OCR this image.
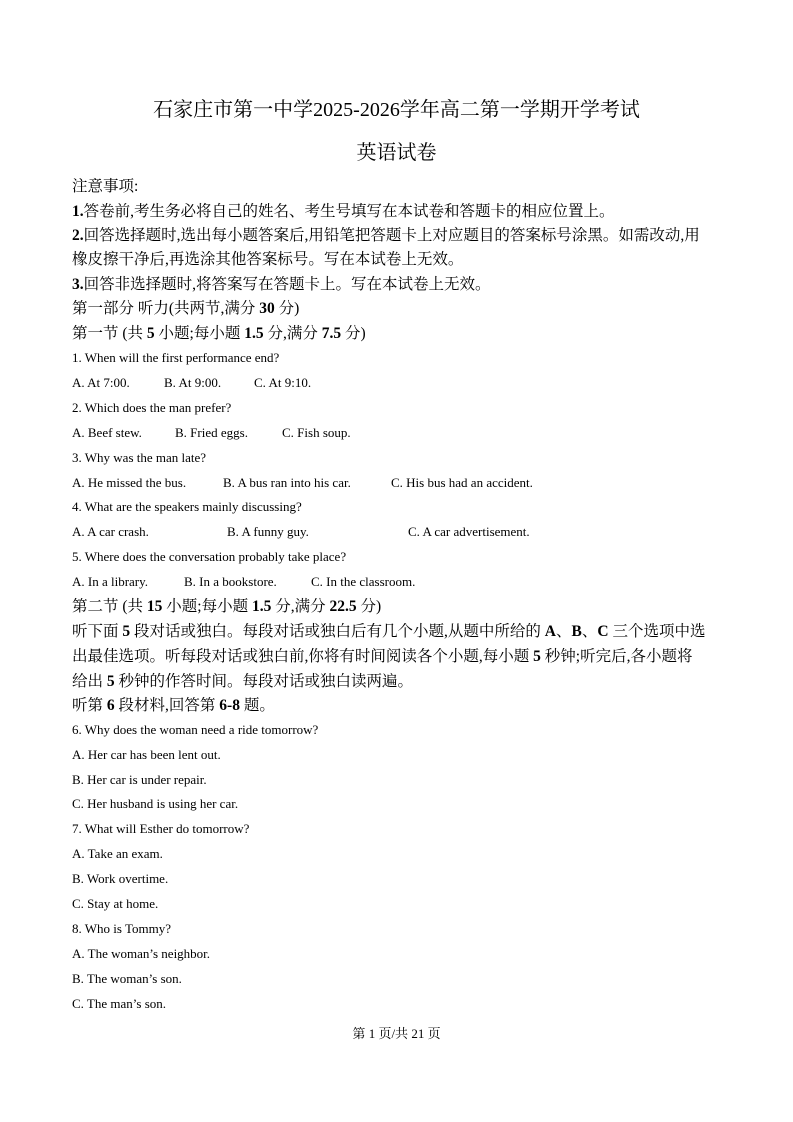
石家庄市第一中学2025-2026学年高二第一学期开学考试
英语试卷
注意事项:
1.答卷前,考生务必将自己的姓名、考生号填写在本试卷和答题卡的相应位置上。
2.回答选择题时,选出每小题答案后,用铅笔把答题卡上对应题目的答案标号涂黑。如需改动,用
橡皮擦干净后,再选涂其他答案标号。写在本试卷上无效。
3.回答非选择题时,将答案写在答题卡上。写在本试卷上无效。
第一部分 听力(共两节,满分 30 分)
第一节 (共 5 小题;每小题 1.5 分,满分 7.5 分)
1. When will the first performance end?
A. At 7:00.	B. At 9:00.	C. At 9:10.
2. Which does the man prefer?
A. Beef stew.	B. Fried eggs.	C. Fish soup.
3. Why was the man late?
A. He missed the bus.	B. A bus ran into his car.	C. His bus had an accident.
4. What are the speakers mainly discussing?
A. A car crash.	B. A funny guy.	C. A car advertisement.
5. Where does the conversation probably take place?
A. In a library.	B. In a bookstore.	C. In the classroom.
第二节 (共 15 小题;每小题 1.5 分,满分 22.5 分)
听下面 5 段对话或独白。每段对话或独白后有几个小题,从题中所给的 A、B、C 三个选项中选
出最佳选项。听每段对话或独白前,你将有时间阅读各个小题,每小题 5 秒钟;听完后,各小题将
给出 5 秒钟的作答时间。每段对话或独白读两遍。
听第 6 段材料,回答第 6-8 题。
6. Why does the woman need a ride tomorrow?
A. Her car has been lent out.
B. Her car is under repair.
C. Her husband is using her car.
7. What will Esther do tomorrow?
A. Take an exam.
B. Work overtime.
C. Stay at home.
8. Who is Tommy?
A. The woman’s neighbor.
B. The woman’s son.
C. The man’s son.
第 1 页/共 21 页
